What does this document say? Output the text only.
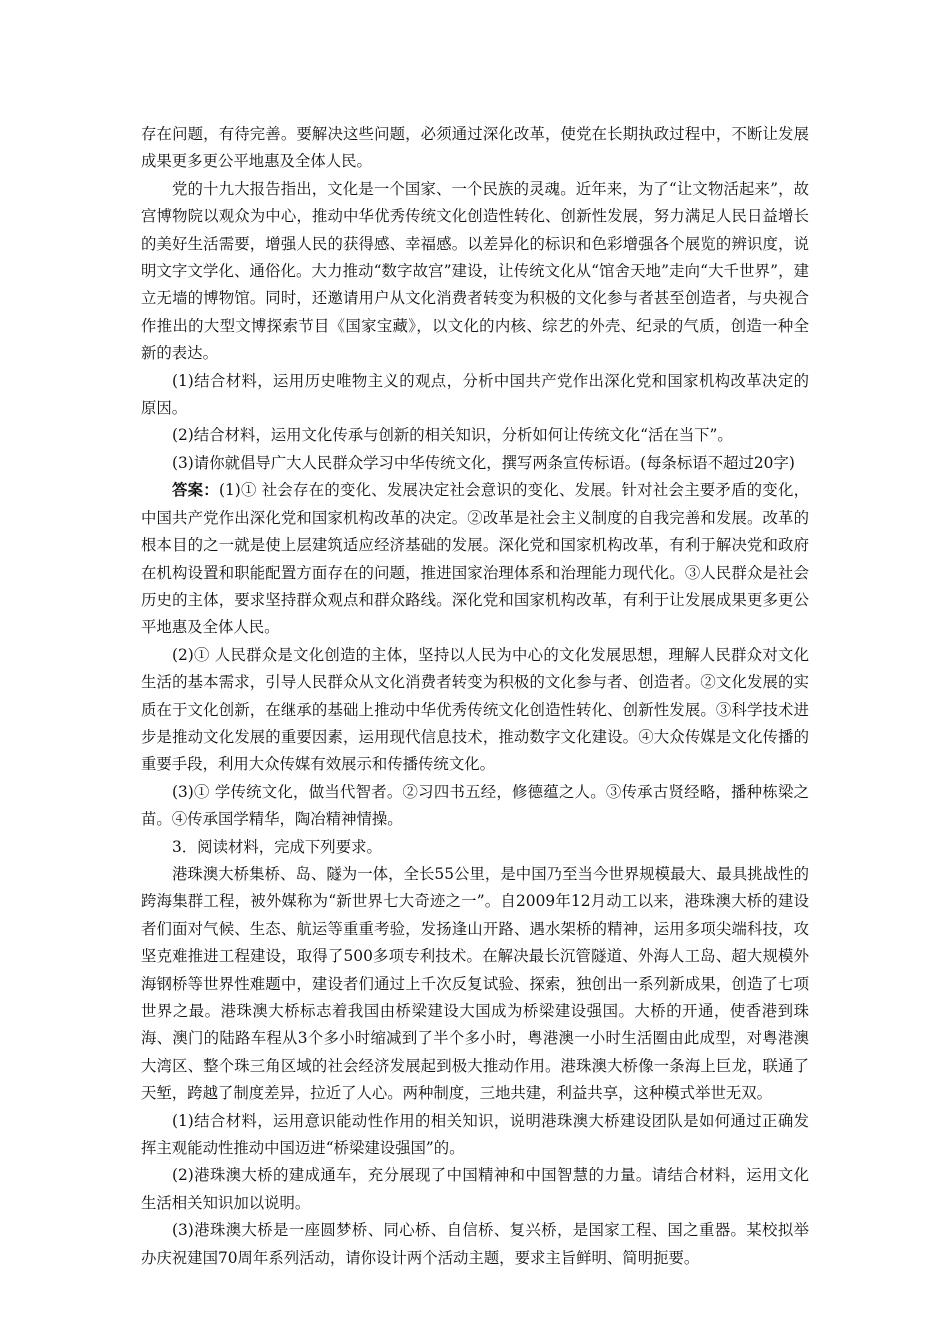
存在问题，有待完善。要解决这些问题，必须通过深化改革，使党在长期执政过程中，不断让发展成果更多更公平地惠及全体人民。

党的十九大报告指出，文化是一个国家、一个民族的灵魂。近年来，为了“让文物活起来”，故宫博物院以观众为中心，推动中华优秀传统文化创造性转化、创新性发展，努力满足人民日益增长的美好生活需要，增强人民的获得感、幸福感。以差异化的标识和色彩增强各个展览的辨识度，说明文字文学化、通俗化。大力推动“数字故宫”建设，让传统文化从“馆舍天地”走向“大千世界”，建立无墙的博物馆。同时，还邀请用户从文化消费者转变为积极的文化参与者甚至创造者，与央视合作推出的大型文博探索节目《国家宝藏》，以文化的内核、综艺的外壳、纪录的气质，创造一种全新的表达。

(1)结合材料，运用历史唯物主义的观点，分析中国共产党作出深化党和国家机构改革决定的原因。

(2)结合材料，运用文化传承与创新的相关知识，分析如何让传统文化“活在当下”。

(3)请你就倡导广大人民群众学习中华传统文化，撰写两条宣传标语。(每条标语不超过20字)

答案：(1)① 社会存在的变化、发展决定社会意识的变化、发展。针对社会主要矛盾的变化，中国共产党作出深化党和国家机构改革的决定。②改革是社会主义制度的自我完善和发展。改革的根本目的之一就是使上层建筑适应经济基础的发展。深化党和国家机构改革，有利于解决党和政府在机构设置和职能配置方面存在的问题，推进国家治理体系和治理能力现代化。③人民群众是社会历史的主体，要求坚持群众观点和群众路线。深化党和国家机构改革，有利于让发展成果更多更公平地惠及全体人民。

(2)① 人民群众是文化创造的主体，坚持以人民为中心的文化发展思想，理解人民群众对文化生活的基本需求，引导人民群众从文化消费者转变为积极的文化参与者、创造者。②文化发展的实质在于文化创新，在继承的基础上推动中华优秀传统文化创造性转化、创新性发展。③科学技术进步是推动文化发展的重要因素，运用现代信息技术，推动数字文化建设。④大众传媒是文化传播的重要手段，利用大众传媒有效展示和传播传统文化。

(3)① 学传统文化，做当代智者。②习四书五经，修德蕴之人。③传承古贤经略，播种栋梁之苗。④传承国学精华，陶冶精神情操。

3．阅读材料，完成下列要求。

港珠澳大桥集桥、岛、隧为一体，全长55公里，是中国乃至当今世界规模最大、最具挑战性的跨海集群工程，被外媒称为“新世界七大奇迹之一”。自2009年12月动工以来，港珠澳大桥的建设者们面对气候、生态、航运等重重考验，发扬逢山开路、遇水架桥的精神，运用多项尖端科技，攻坚克难推进工程建设，取得了500多项专利技术。在解决最长沉管隧道、外海人工岛、超大规模外海钢桥等世界性难题中，建设者们通过上千次反复试验、探索，独创出一系列新成果，创造了七项世界之最。港珠澳大桥标志着我国由桥梁建设大国成为桥梁建设强国。大桥的开通，使香港到珠海、澳门的陆路车程从3个多小时缩减到了半个多小时，粤港澳一小时生活圈由此成型，对粤港澳大湾区、整个珠三角区域的社会经济发展起到极大推动作用。港珠澳大桥像一条海上巨龙，联通了天堑，跨越了制度差异，拉近了人心。两种制度，三地共建，利益共享，这种模式举世无双。

(1)结合材料，运用意识能动性作用的相关知识，说明港珠澳大桥建设团队是如何通过正确发挥主观能动性推动中国迈进“桥梁建设强国”的。

(2)港珠澳大桥的建成通车，充分展现了中国精神和中国智慧的力量。请结合材料，运用文化生活相关知识加以说明。

(3)港珠澳大桥是一座圆梦桥、同心桥、自信桥、复兴桥，是国家工程、国之重器。某校拟举办庆祝建国70周年系列活动，请你设计两个活动主题，要求主旨鲜明、简明扼要。
